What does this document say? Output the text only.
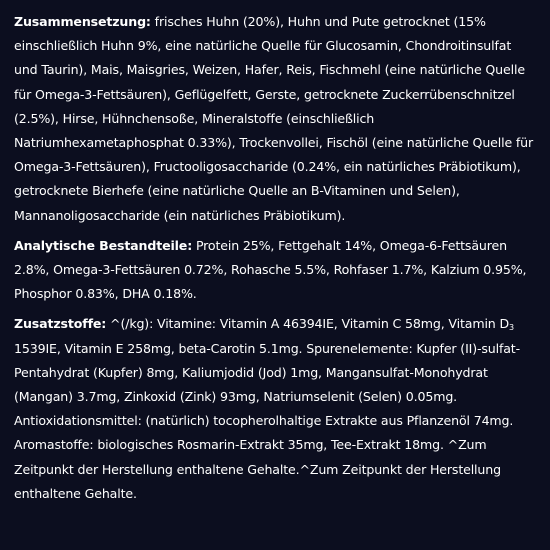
Zusammensetzung: frisches Huhn (20%), Huhn und Pute getrocknet (15% einschließlich Huhn 9%, eine natürliche Quelle für Glucosamin, Chondroitinsulfat und Taurin), Mais, Maisgries, Weizen, Hafer, Reis, Fischmehl (eine natürliche Quelle für Omega-3-Fettsäuren), Geflügelfett, Gerste, getrocknete Zuckerrübenschnitzel (2.5%), Hirse, Hühnchensoße, Mineralstoffe (einschließlich Natriumhexametaphosphat 0.33%), Trockenvollei, Fischöl (eine natürliche Quelle für Omega-3-Fettsäuren), Fructooligosaccharide (0.24%, ein natürliches Präbiotikum), getrocknete Bierhefe (eine natürliche Quelle an B-Vitaminen und Selen), Mannanoligosaccharide (ein natürliches Präbiotikum).

Analytische Bestandteile: Protein 25%, Fettgehalt 14%, Omega-6-Fettsäuren 2.8%, Omega-3-Fettsäuren 0.72%, Rohasche 5.5%, Rohfaser 1.7%, Kalzium 0.95%, Phosphor 0.83%, DHA 0.18%.

Zusatzstoffe: ^(/kg): Vitamine: Vitamin A 46394IE, Vitamin C 58mg, Vitamin $D_3$ 1539IE, Vitamin E 258mg, beta-Carotin 5.1mg. Spurenelemente: Kupfer (II)-sulfat-Pentahydrat (Kupfer) 8mg, Kaliumjodid (Jod) 1mg, Mangansulfat-Monohydrat (Mangan) 3.7mg, Zinkoxid (Zink) 93mg, Natriumselenit (Selen) 0.05mg. Antioxidationsmittel: (natürlich) tocopherolhaltige Extrakte aus Pflanzenöl 74mg. Aromastoffe: biologisches Rosmarin-Extrakt 35mg, Tee-Extrakt 18mg. ^Zum Zeitpunkt der Herstellung enthaltene Gehalte.^Zum Zeitpunkt der Herstellung enthaltene Gehalte.
